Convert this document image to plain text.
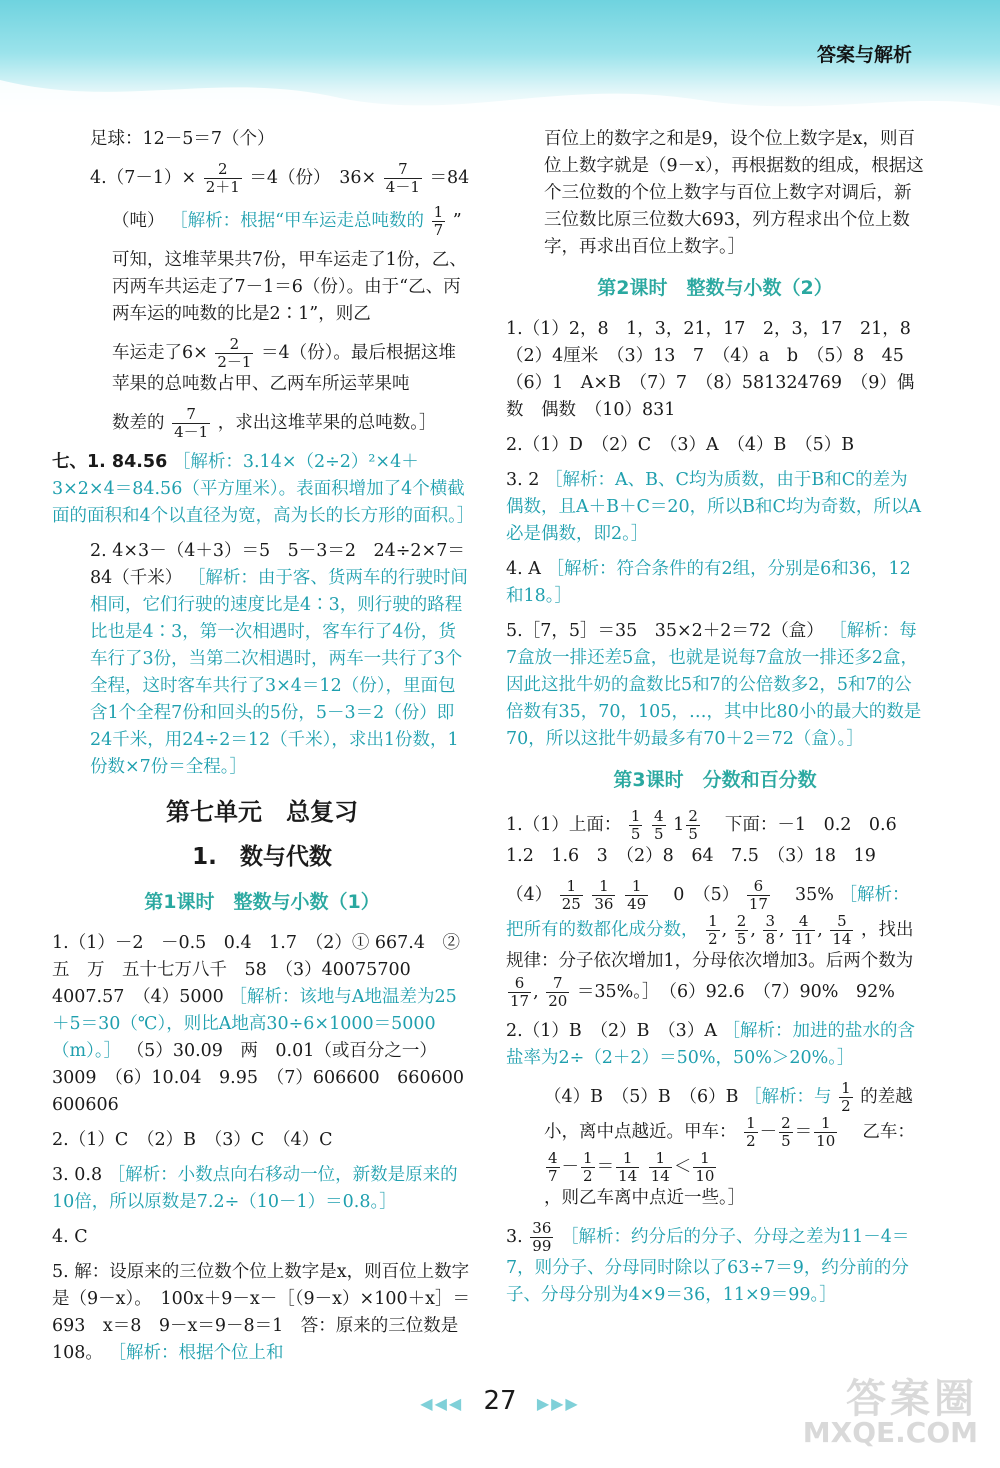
答案与解析
足球：12－5＝7（个）
$4.(7-1)\times \frac{2}{2+1} =4$（份）　$36\times \frac{7}{4-1} =84$
（吨） ［解析：根据“甲车运走总吨数的 $\frac{1}{7}$ ”
可知，这堆苹果共7份，甲车运走了1份，乙、丙两车共运走了7－1＝6（份）。由于“乙、丙两车运的吨数的比是2∶1”，则乙
车运走了$6\times \frac{2}{2-1} =4$（份）。最后根据这堆苹果的总吨数占甲、乙两车所运苹果吨
数差的 $\frac{7}{4-1}$ ，求出这堆苹果的总吨数。］
七、1. 84.56 ［解析：3.14×（2÷2）²×4＋3×2×4＝84.56（平方厘米）。表面积增加了4个横截面的面积和4个以直径为宽，高为长的长方形的面积。］
2. 4×3－（4＋3）＝5　5－3＝2　24÷2×7＝84（千米） ［解析：由于客、货两车的行驶时间相同，它们行驶的速度比是4∶3，则行驶的路程比也是4∶3，第一次相遇时，客车行了4份，货车行了3份，当第二次相遇时，两车一共行了3个全程，这时客车共行了3×4＝12（份），里面包含1个全程7份和回头的5份，5－3＝2（份）即24千米，用24÷2＝12（千米），求出1份数，1份数×7份＝全程。］
第七单元　总复习
1.　数与代数
第1课时　整数与小数（1）
1.（1）－2　－0.5　0.4　1.7　（2）① 667.4　② 五　万　五十七万八千　58　（3）40075700　4007.57　（4）5000 ［解析：该地与A地温差为25＋5＝30（℃），则比A地高30÷6×1000＝5000（m）。］ （5）30.09　两　0.01（或百分之一）　3009　（6）10.04　9.95　（7）606600　660600　600606
2.（1）C　（2）B　（3）C　（4）C
3. 0.8 ［解析：小数点向右移动一位，新数是原来的10倍，所以原数是7.2÷（10－1）＝0.8。］
4. C
5. 解：设原来的三位数个位上数字是x，则百位上数字是（9－x）。　100x＋9－x－［（9－x）×100＋x］＝693　x＝8　9－x＝9－8＝1　答：原来的三位数是108。 ［解析：根据个位上和
百位上的数字之和是9，设个位上数字是x，则百位上数字就是（9－x），再根据数的组成，根据这个三位数的个位上数字与百位上数字对调后，新三位数比原三位数大693，列方程求出个位上数字，再求出百位上数字。］
第2课时　整数与小数（2）
1.（1）2，8　1，3，21，17　2，3，17　21，8　（2）4厘米　（3）13　7　（4）a　b　（5）8　45　（6）1　A×B　（7）7　（8）581324769　（9）偶数　偶数　（10）831
2.（1）D　（2）C　（3）A　（4）B　（5）B
3. 2 ［解析：A、B、C均为质数，由于B和C的差为偶数，且A＋B＋C＝20，所以B和C均为奇数，所以A必是偶数，即2。］
4. A ［解析：符合条件的有2组，分别是6和36，12和18。］
5.［7，5］＝35　35×2＋2＝72（盒） ［解析：每7盒放一排还差5盒，也就是说每7盒放一排还多2盒，因此这批牛奶的盒数比5和7的公倍数多2，5和7的公倍数有35，70，105，…，其中比80小的最大的数是70，所以这批牛奶最多有70＋2＝72（盒）。］
第3课时　分数和百分数
1.（1）上面： $\frac{1}{5}$
$\frac{4}{5} 1 \frac{2}{5}$ 　下面：－1　0.2　0.6　1.2　1.6　3　（2）8　64　7.5　（3）18　19
$(4) \frac{1}{25}$
$\frac{1}{36}$
$\frac{1}{49}$ 　0　$(5) \frac{6}{17}$ 　35% ［解析：把所有的数都化成分数， $\frac{1}{2}$ , $\frac{2}{5}$ , $\frac{3}{8}$ , $\frac{4}{11}$ , $\frac{5}{14}$ ，找出规律：分子依次增加1，分母依次增加3。后两个数为
$\frac{6}{17}$ , $\frac{7}{20} =35\%$。］　（6）92.6　（7）90%　92%
2.（1）B　（2）B　（3）A ［解析：加进的盐水的含盐率为2÷（2＋2）＝50%，50%＞20%。］
（4）B　（5）B　（6）B ［解析：与 $\frac{1}{2}$ 的差越小，离中点越近。甲车： $\frac{1}{2} - \frac{2}{5} = \frac{1}{10}$ 　乙车：
$\frac{4}{7} - \frac{1}{2} = \frac{1}{14}$
$\frac{1}{14} < \frac{1}{10}$
，则乙车离中点近一些。］
3. $\frac{36}{99}$ ［解析：约分后的分子、分母之差为11－4＝7，则分子、分母同时除以了63÷7＝9，约分前的分子、分母分别为4×9＝36，11×9＝99。］
◀◀◀ 27 ▶▶▶	答案圈
MXQE.COM
